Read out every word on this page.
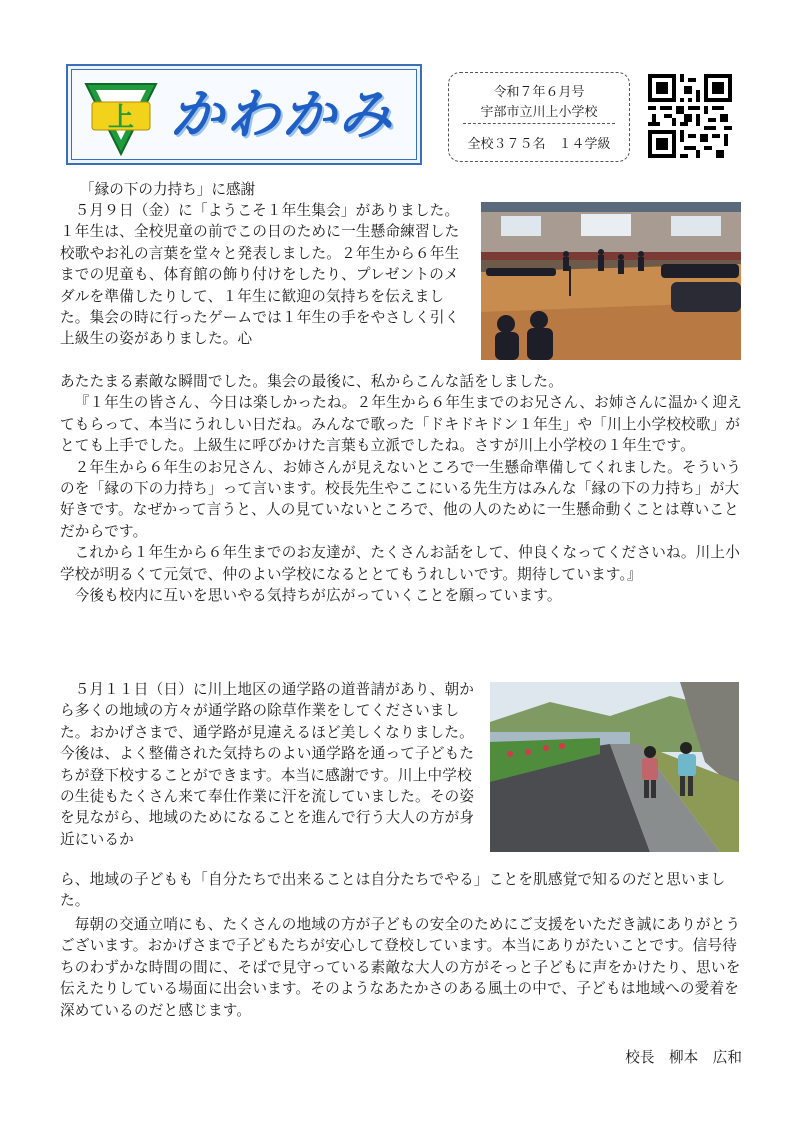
上 かわかみ	令和７年６月号
宇部市立川上小学校
全校３７５名　１４学級
「縁の下の力持ち」に感謝

５月９日（金）に「ようこそ１年生集会」がありました。１年生は、全校児童の前でこの日のために一生懸命練習した校歌やお礼の言葉を堂々と発表しました。２年生から６年生までの児童も、体育館の飾り付けをしたり、プレゼントのメダルを準備したりして、１年生に歓迎の気持ちを伝えました。集会の時に行ったゲームでは１年生の手をやさしく引く上級生の姿がありました。心

あたたまる素敵な瞬間でした。集会の最後に、私からこんな話をしました。

『１年生の皆さん、今日は楽しかったね。２年生から６年生までのお兄さん、お姉さんに温かく迎えてもらって、本当にうれしい日だね。みんなで歌った「ドキドキドン１年生」や「川上小学校校歌」がとても上手でした。上級生に呼びかけた言葉も立派でしたね。さすが川上小学校の１年生です。

２年生から６年生のお兄さん、お姉さんが見えないところで一生懸命準備してくれました。そういうのを「縁の下の力持ち」って言います。校長先生やここにいる先生方はみんな「縁の下の力持ち」が大好きです。なぜかって言うと、人の見ていないところで、他の人のために一生懸命動くことは尊いことだからです。

これから１年生から６年生までのお友達が、たくさんお話をして、仲良くなってくださいね。川上小学校が明るくて元気で、仲のよい学校になるととてもうれしいです。期待しています。』

今後も校内に互いを思いやる気持ちが広がっていくことを願っています。

５月１１日（日）に川上地区の通学路の道普請があり、朝から多くの地域の方々が通学路の除草作業をしてくださいました。おかげさまで、通学路が見違えるほど美しくなりました。今後は、よく整備された気持ちのよい通学路を通って子どもたちが登下校することができます。本当に感謝です。川上中学校の生徒もたくさん来て奉仕作業に汗を流していました。その姿を見ながら、地域のためになることを進んで行う大人の方が身近にいるか

ら、地域の子どもも「自分たちで出来ることは自分たちでやる」ことを肌感覚で知るのだと思いました。

毎朝の交通立哨にも、たくさんの地域の方が子どもの安全のためにご支援をいただき誠にありがとうございます。おかげさまで子どもたちが安心して登校しています。本当にありがたいことです。信号待ちのわずかな時間の間に、そばで見守っている素敵な大人の方がそっと子どもに声をかけたり、思いを伝えたりしている場面に出会います。そのようなあたかさのある風土の中で、子どもは地域への愛着を深めているのだと感じます。

校長　柳本　広和
